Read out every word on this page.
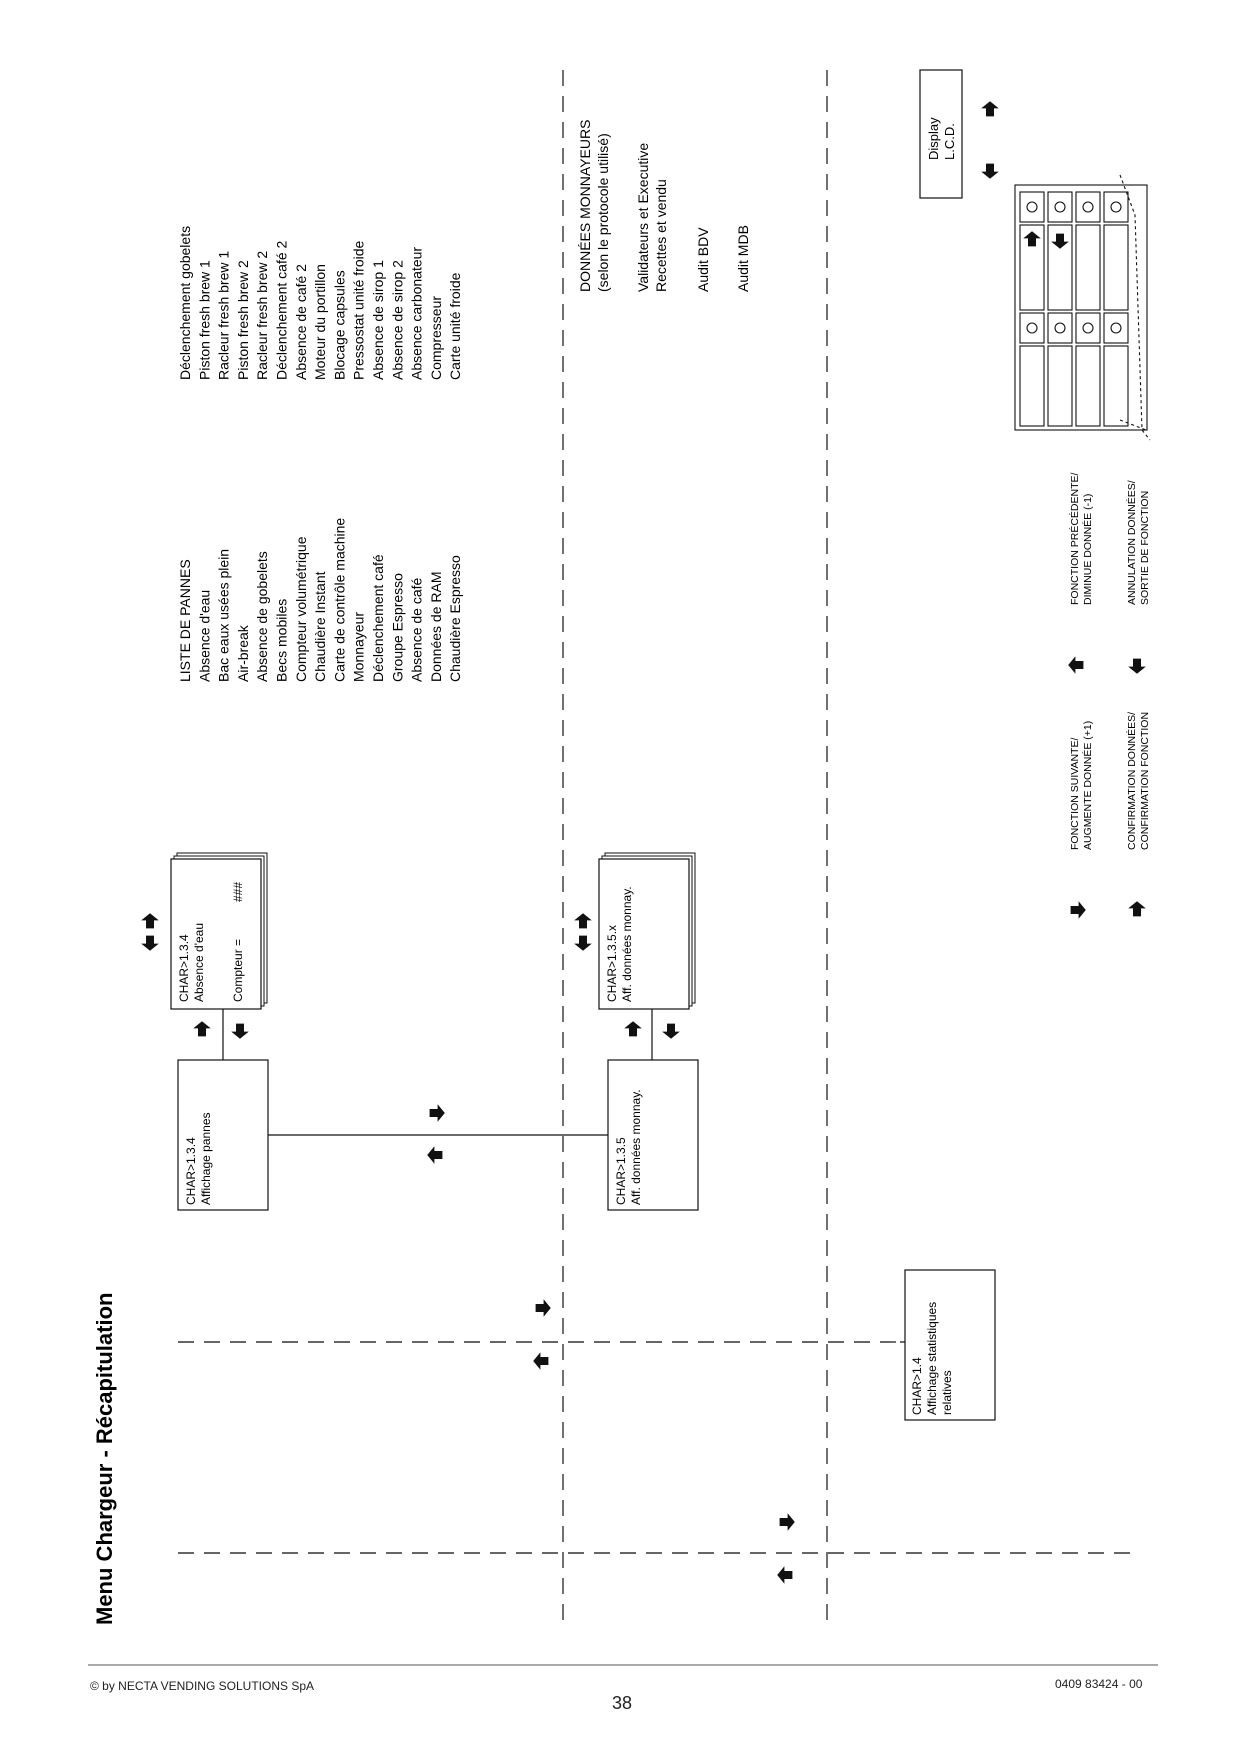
Menu Chargeur - Récapitulation
CHAR>1.3.4 Affichage pannes	CHAR>1.3.5 Aff. données monnay.
CHAR>1.3.4 Absence d'eau Compteur =
###
CHAR>1.3.5.x Aff. données monnay.
CHAR>1.4 Affichage statistiques relatives
LISTE DE PANNES Absence d'eau Bac eaux usées plein Air-break Absence de gobelets Becs mobiles Compteur volumétrique Chaudière Instant Carte de contrôle machine Monnayeur Déclenchement café Groupe Espresso Absence de café Données de RAM Chaudière Espresso
Déclenchement gobelets Piston fresh brew 1 Racleur fresh brew 1 Piston fresh brew 2 Racleur fresh brew 2 Déclenchement café 2 Absence de café 2 Moteur du portillon Blocage capsules Pressostat unité froide Absence de sirop 1 Absence de sirop 2 Absence carbonateur Compresseur Carte unité froide
DONNÉES MONNAYEURS (selon le protocole utilisé) Validateurs et Executive Recettes et vendu Audit BDV Audit MDB
Display L.C.D.
FONCTION SUIVANTE/ AUGMENTE DONNÉE (+1)	CONFIRMATION DONNÉES/ CONFIRMATION FONCTION
FONCTION PRÉCÉDENTE/ DIMINUE DONNÉE (-1)	ANNULATION DONNÉES/ SORTIE DE FONCTION
© by NECTA VENDING SOLUTIONS SpA
38
0409 83424 - 00
